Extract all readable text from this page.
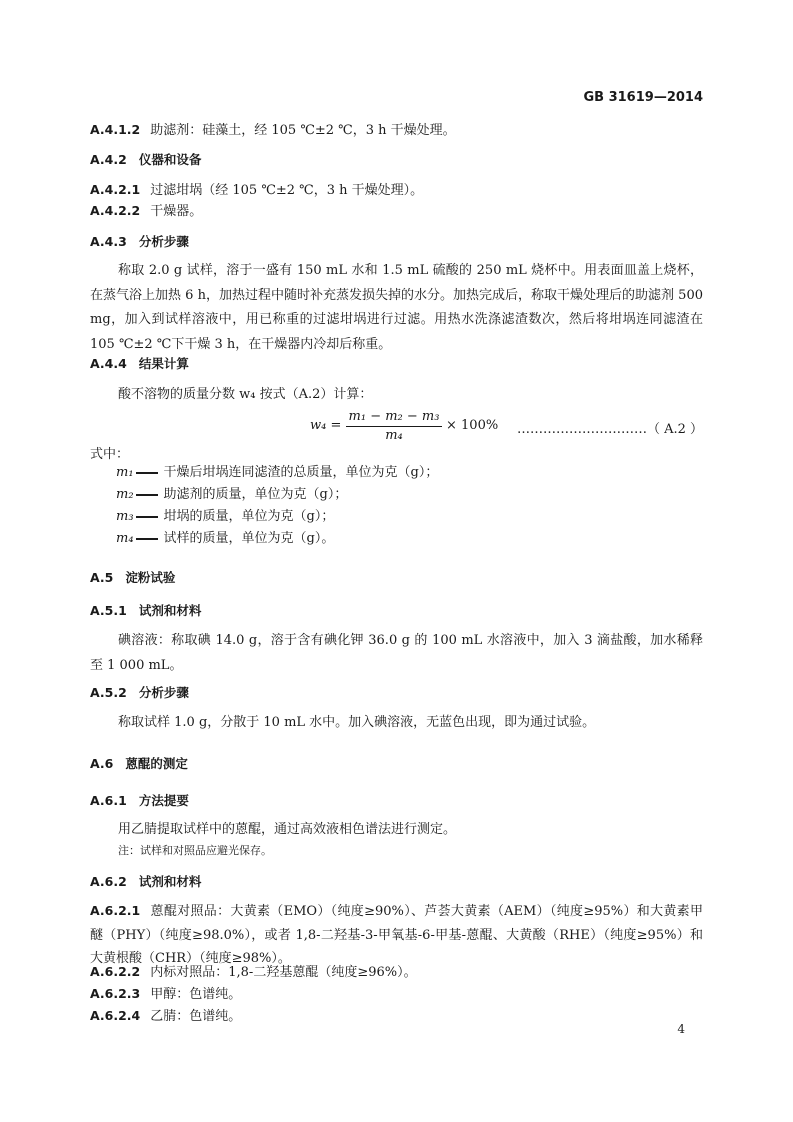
GB 31619—2014
A.4.1.2 助滤剂：硅藻土，经 105 ℃±2 ℃，3 h 干燥处理。
A.4.2 仪器和设备
A.4.2.1 过滤坩埚（经 105 ℃±2 ℃，3 h 干燥处理）。
A.4.2.2 干燥器。
A.4.3 分析步骤
称取 2.0 g 试样，溶于一盛有 150 mL 水和 1.5 mL 硫酸的 250 mL 烧杯中。用表面皿盖上烧杯，在蒸气浴上加热 6 h，加热过程中随时补充蒸发损失掉的水分。加热完成后，称取干燥处理后的助滤剂 500 mg，加入到试样溶液中，用已称重的过滤坩埚进行过滤。用热水洗涤滤渣数次，然后将坩埚连同滤渣在 105 ℃±2 ℃下干燥 3 h，在干燥器内冷却后称重。
A.4.4 结果计算
酸不溶物的质量分数 w₄ 按式（A.2）计算：
w₄ =
m₁ − m₂ − m₃
m₄
× 100% …………………………（ A.2 ）
式中：
m₁ 干燥后坩埚连同滤渣的总质量，单位为克（g）；
m₂ 助滤剂的质量，单位为克（g）；
m₃ 坩埚的质量，单位为克（g）；
m₄ 试样的质量，单位为克（g）。
A.5 淀粉试验
A.5.1 试剂和材料
碘溶液：称取碘 14.0 g，溶于含有碘化钾 36.0 g 的 100 mL 水溶液中，加入 3 滴盐酸，加水稀释至 1 000 mL。
A.5.2 分析步骤
称取试样 1.0 g，分散于 10 mL 水中。加入碘溶液，无蓝色出现，即为通过试验。
A.6 蒽醌的测定
A.6.1 方法提要
用乙腈提取试样中的蒽醌，通过高效液相色谱法进行测定。
注：试样和对照品应避光保存。
A.6.2 试剂和材料
A.6.2.1 蒽醌对照品：大黄素（EMO）（纯度≥90%）、芦荟大黄素（AEM）（纯度≥95%）和大黄素甲醚（PHY）（纯度≥98.0%），或者 1,8-二羟基-3-甲氧基-6-甲基-蒽醌、大黄酸（RHE）（纯度≥95%）和大黄根酸（CHR）（纯度≥98%）。
A.6.2.2 内标对照品：1,8-二羟基蒽醌（纯度≥96%）。
A.6.2.3 甲醇：色谱纯。
A.6.2.4 乙腈：色谱纯。
4
